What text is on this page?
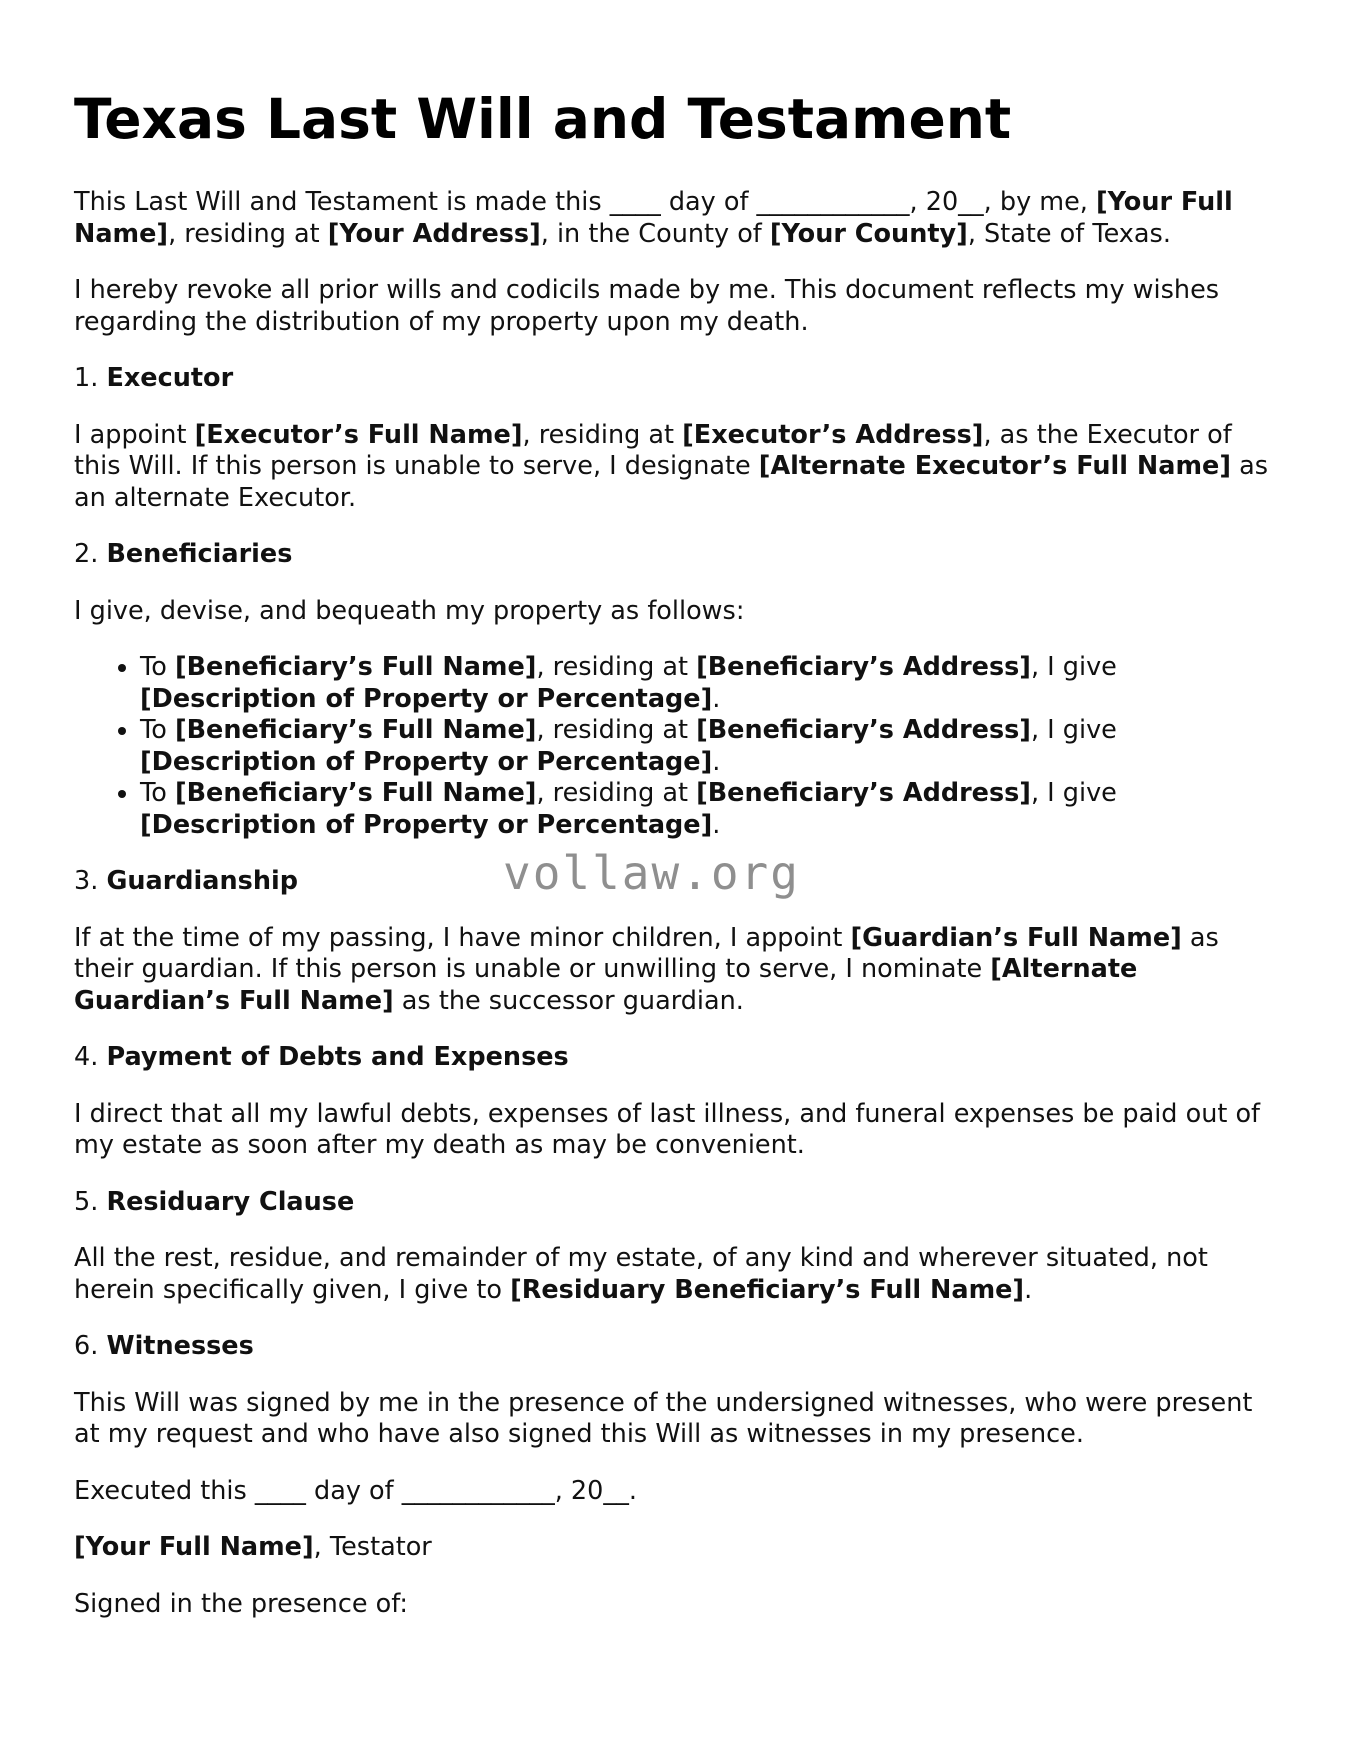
Texas Last Will and Testament

This Last Will and Testament is made this ____ day of ____________, 20__, by me, [Your Full Name], residing at [Your Address], in the County of [Your County], State of Texas.

I hereby revoke all prior wills and codicils made by me. This document reflects my wishes regarding the distribution of my property upon my death.

1. Executor

I appoint [Executor’s Full Name], residing at [Executor’s Address], as the Executor of this Will. If this person is unable to serve, I designate [Alternate Executor’s Full Name] as an alternate Executor.

2. Beneficiaries

I give, devise, and bequeath my property as follows:

• To [Beneficiary’s Full Name], residing at [Beneficiary’s Address], I give [Description of Property or Percentage].
• To [Beneficiary’s Full Name], residing at [Beneficiary’s Address], I give [Description of Property or Percentage].
• To [Beneficiary’s Full Name], residing at [Beneficiary’s Address], I give [Description of Property or Percentage].

3. Guardianship

If at the time of my passing, I have minor children, I appoint [Guardian’s Full Name] as their guardian. If this person is unable or unwilling to serve, I nominate [Alternate Guardian’s Full Name] as the successor guardian.

4. Payment of Debts and Expenses

I direct that all my lawful debts, expenses of last illness, and funeral expenses be paid out of my estate as soon after my death as may be convenient.

5. Residuary Clause

All the rest, residue, and remainder of my estate, of any kind and wherever situated, not herein specifically given, I give to [Residuary Beneficiary’s Full Name].

6. Witnesses

This Will was signed by me in the presence of the undersigned witnesses, who were present at my request and who have also signed this Will as witnesses in my presence.

Executed this ____ day of ____________, 20__.

[Your Full Name], Testator

Signed in the presence of:

vollaw.org
